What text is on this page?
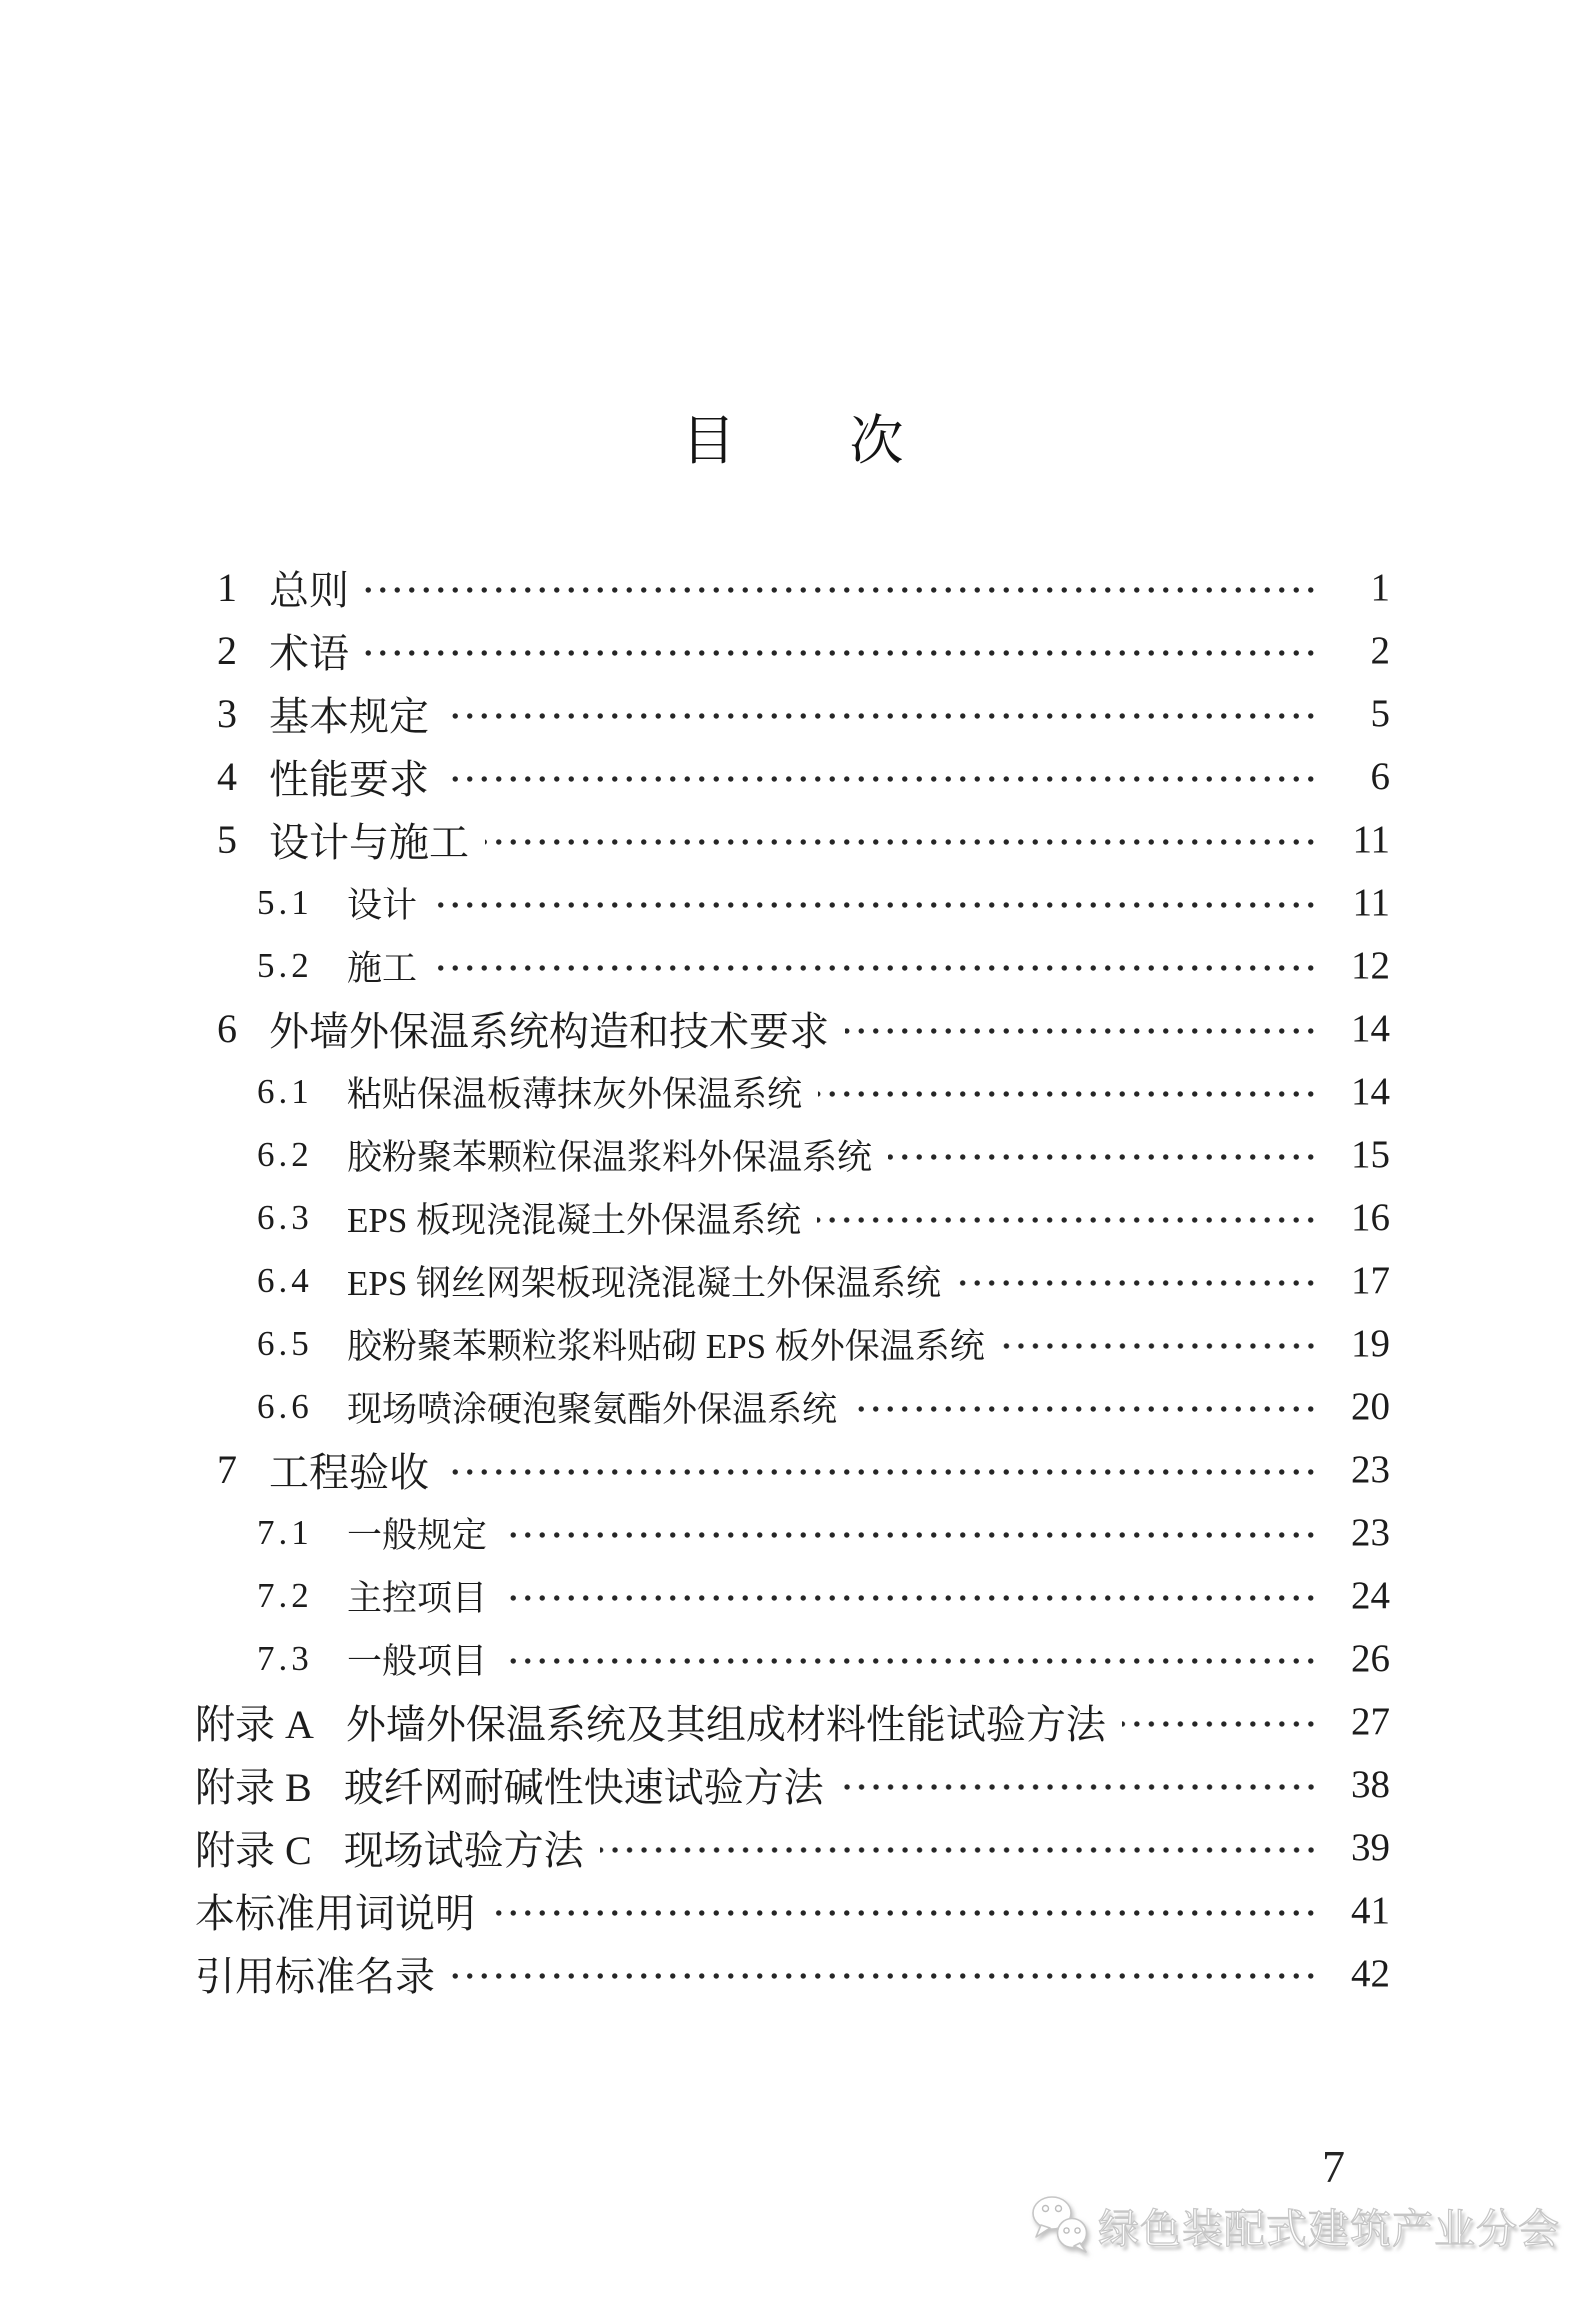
目　　次
1 总则	1
2 术语	2
3 基本规定	5
4 性能要求	6
5 设计与施工	11
5.1 设计	11
5.2 施工	12
6 外墙外保温系统构造和技术要求	14
6.1 粘贴保温板薄抹灰外保温系统	14
6.2 胶粉聚苯颗粒保温浆料外保温系统	15
6.3 EPS 板现浇混凝土外保温系统	16
6.4 EPS 钢丝网架板现浇混凝土外保温系统	17
6.5 胶粉聚苯颗粒浆料贴砌 EPS 板外保温系统	19
6.6 现场喷涂硬泡聚氨酯外保温系统	20
7 工程验收	23
7.1 一般规定	23
7.2 主控项目	24
7.3 一般项目	26
附录 A 外墙外保温系统及其组成材料性能试验方法	27
附录 B 玻纤网耐碱性快速试验方法	38
附录 C 现场试验方法	39
本标准用词说明	41
引用标准名录	42
7
绿色装配式建筑产业分会
